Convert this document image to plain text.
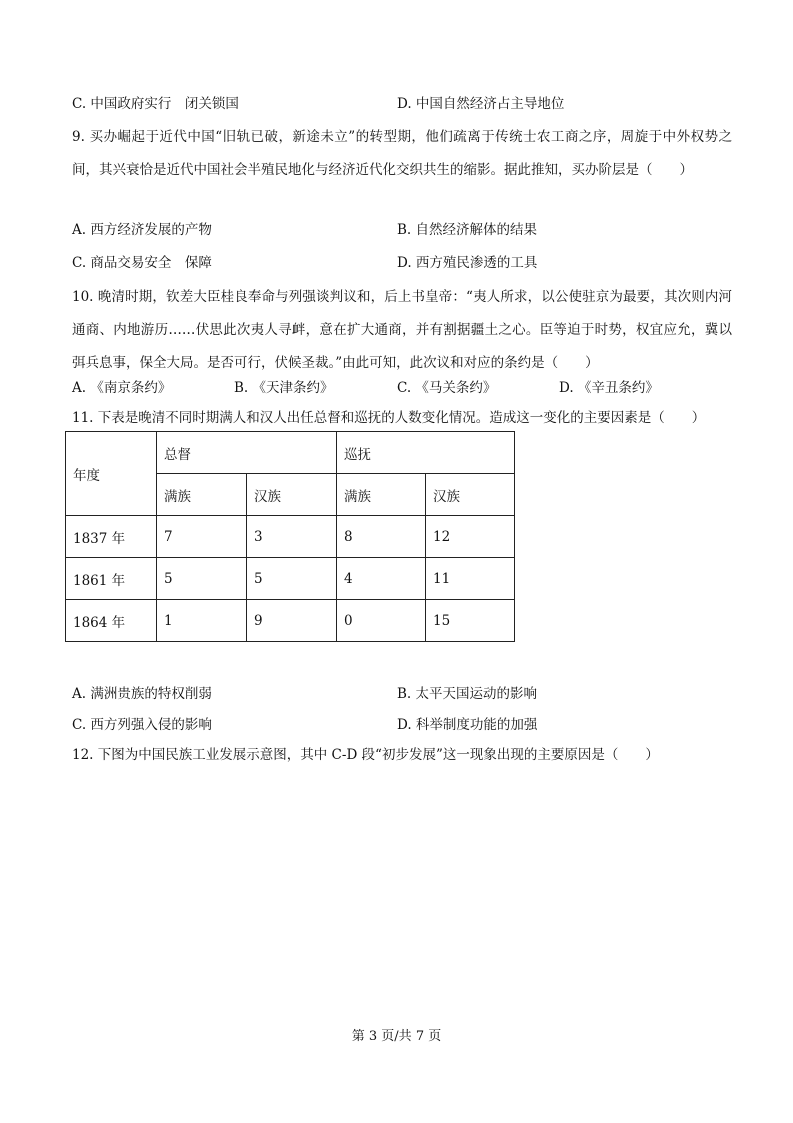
C. 中国政府实行　闭关锁国	D. 中国自然经济占主导地位
9. 买办崛起于近代中国“旧轨已破，新途未立”的转型期，他们疏离于传统士农工商之序，周旋于中外权势之间，其兴衰恰是近代中国社会半殖民地化与经济近代化交织共生的缩影。据此推知，买办阶层是（　　）
A. 西方经济发展的产物	B. 自然经济解体的结果
C. 商品交易安全　保障	D. 西方殖民渗透的工具
10. 晚清时期，钦差大臣桂良奉命与列强谈判议和，后上书皇帝：“夷人所求，以公使驻京为最要，其次则内河通商、内地游历……伏思此次夷人寻衅，意在扩大通商，并有割据疆土之心。臣等迫于时势，权宜应允，冀以弭兵息事，保全大局。是否可行，伏候圣裁。”由此可知，此次议和对应的条约是（　　）
A. 《南京条约》	B. 《天津条约》	C. 《马关条约》	D. 《辛丑条约》
11. 下表是晚清不同时期满人和汉人出任总督和巡抚的人数变化情况。造成这一变化的主要因素是（　　）
年度	总督		巡抚	
	满族	汉族	满族	汉族
1837 年	7	3	8	12
1861 年	5	5	4	11
1864 年	1	9	0	15
A. 满洲贵族的特权削弱	B. 太平天国运动的影响
C. 西方列强入侵的影响	D. 科举制度功能的加强
12. 下图为中国民族工业发展示意图，其中 C-D 段“初步发展”这一现象出现的主要原因是（　　）
第 3 页/共 7 页
